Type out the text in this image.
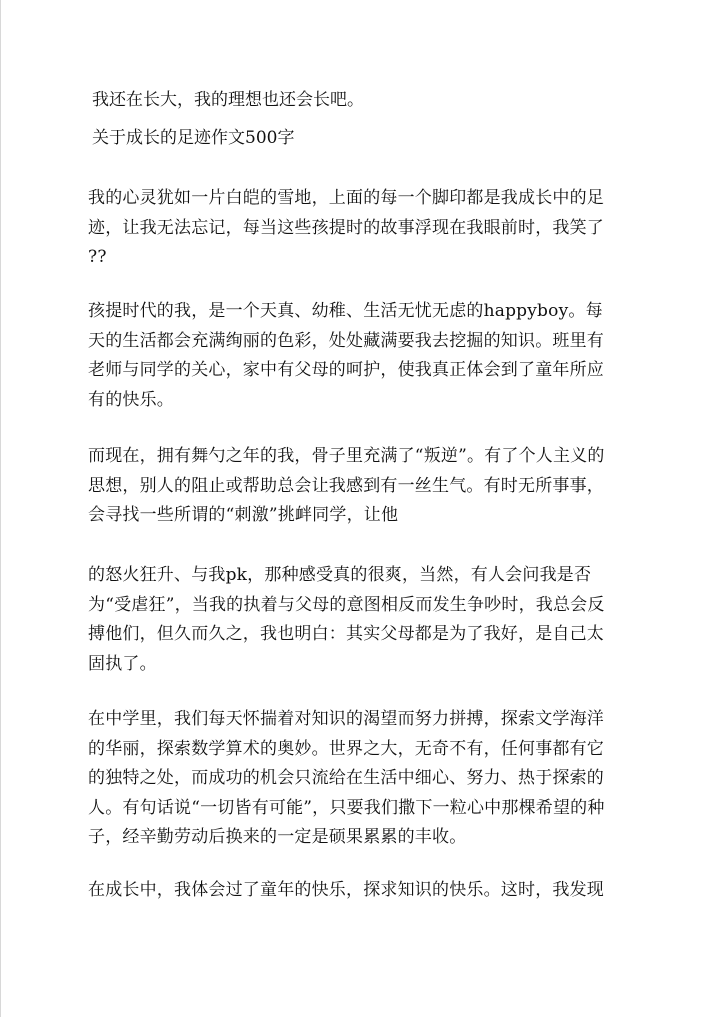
我还在长大，我的理想也还会长吧。
关于成长的足迹作文500字
我的心灵犹如一片白皑的雪地，上面的每一个脚印都是我成长中的足
迹，让我无法忘记，每当这些孩提时的故事浮现在我眼前时，我笑了
??
孩提时代的我，是一个天真、幼稚、生活无忧无虑的happyboy。每
天的生活都会充满绚丽的色彩，处处藏满要我去挖掘的知识。班里有
老师与同学的关心，家中有父母的呵护，使我真正体会到了童年所应
有的快乐。
而现在，拥有舞勺之年的我，骨子里充满了“叛逆”。有了个人主义的
思想，别人的阻止或帮助总会让我感到有一丝生气。有时无所事事，
会寻找一些所谓的“刺激”挑衅同学，让他
的怒火狂升、与我pk，那种感受真的很爽，当然，有人会问我是否
为“受虐狂”，当我的执着与父母的意图相反而发生争吵时，我总会反
搏他们，但久而久之，我也明白：其实父母都是为了我好，是自己太
固执了。
在中学里，我们每天怀揣着对知识的渴望而努力拼搏，探索文学海洋
的华丽，探索数学算术的奥妙。世界之大，无奇不有，任何事都有它
的独特之处，而成功的机会只流给在生活中细心、努力、热于探索的
人。有句话说“一切皆有可能”，只要我们撒下一粒心中那棵希望的种
子，经辛勤劳动后换来的一定是硕果累累的丰收。
在成长中，我体会过了童年的快乐，探求知识的快乐。这时，我发现
